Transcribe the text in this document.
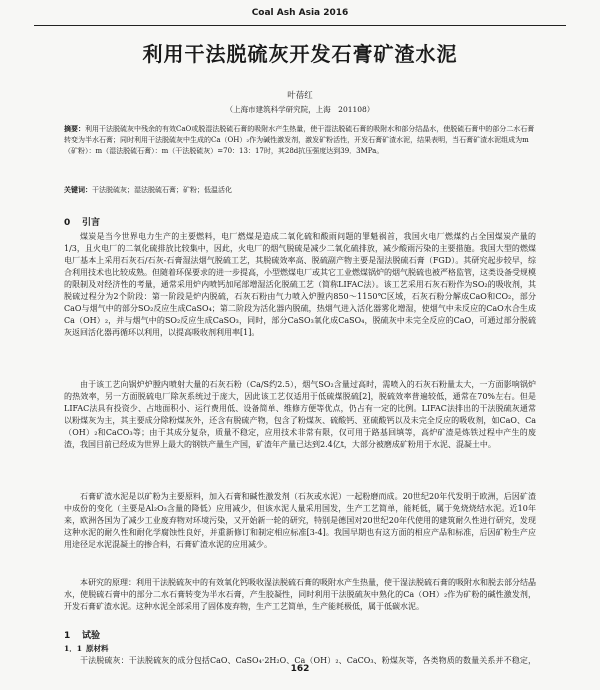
Coal Ash Asia 2016
利用干法脱硫灰开发石膏矿渣水泥
叶蓓红
（上海市建筑科学研究院，上海　201108）
摘要：利用干法脱硫灰中残余的有效CaO或脱湿法脱硫石膏的吸附水产生热量，使干湿法脱硫石膏的吸附水和部分结晶水，使脱硫石膏中的部分二水石膏转变为半水石膏；同时利用干法脱硫灰中生成的Ca（OH）₂作为碱性激发剂，激发矿粉活性，开发石膏矿渣水泥，结果表明，当石膏矿渣水泥组成为m（矿粉）：m（湿法脱硫石膏）：m（干法脱硫灰）=70：13：17时，其28d抗压强度达到39．3MPa。
关键词：干法脱硫灰；湿法脱硫石膏；矿粉；低温活化
0 引言

煤炭是当今世界电力生产的主要燃料，电厂燃煤是造成二氧化硫和酸雨问题的罪魁祸首，我国火电厂燃煤约占全国煤炭产量的1/3，且火电厂的二氧化硫排放比较集中，因此，火电厂的烟气脱硫是减少二氧化硫排放，减少酸雨污染的主要措施。我国大型的燃煤电厂基本上采用石灰石/石灰-石膏湿法烟气脱硫工艺，其脱硫效率高、脱硫副产物主要是湿法脱硫石膏（FGD）。其研究起步较早，综合利用技术也比较成熟。但随着环保要求的进一步提高，小型燃煤电厂或其它工业燃煤锅炉的烟气脱硫也被严格监管，这类设备受规模的限制及对经济性的考量，通常采用炉内喷钙加尾部增湿活化脱硫工艺（简称LIFAC法）。该工艺采用石灰石粉作为SO₂的吸收剂，其脱硫过程分为2个阶段：第一阶段是炉内脱硫，石灰石粉由气力喷入炉膛内850～1150℃区域，石灰石粉分解成CaO和CO₂，部分CaO与烟气中的部分SO₂反应生成CaSO₄；第二阶段为活化器内脱硫，热烟气进入活化器雾化增湿，使烟气中未反应的CaO水合生成Ca（OH）₂，并与烟气中的SO₂反应生成CaSO₃，同时，部分CaSO₃氧化成CaSO₄，脱硫灰中未完全反应的CaO，可通过部分脱硫灰返回活化器再循环以利用，以提高吸收剂利用率[1]。

由于该工艺向锅炉炉膛内喷射大量的石灰石粉（Ca/S约2.5），烟气SO₂含量过高时，需喷入的石灰石粉量太大，一方面影响锅炉的热效率，另一方面脱硫电厂除灰系统过于庞大，因此该工艺仅适用于低硫煤脱硫[2]，脱硫效率普遍较低，通常在70%左右。但是LIFAC法具有投资少、占地面积小、运行费用低、设备简单、维修方便等优点，仍占有一定的比例。LIFAC法排出的干法脱硫灰通常以粉煤灰为主，其主要成分除粉煤灰外，还含有脱硫产物，包含了粉煤灰、硫酸钙、亚硫酸钙以及未完全反应的吸收剂，如CaO、Ca（OH）₂和CaCO₃等；由于其成分复杂，质量不稳定，应用技术非常有限，仅可用于路基回填等，高炉矿渣是炼铁过程中产生的废渣，我国目前已经成为世界上最大的钢铁产量生产国，矿渣年产量已达到2.4亿t，大部分被磨成矿粉用于水泥、混凝土中。

石膏矿渣水泥是以矿粉为主要原料，加入石膏和碱性激发剂（石灰或水泥）一起粉磨而成。20世纪20年代发明于欧洲，后因矿渣中成份的变化（主要是Al₂O₃含量的降低）应用减少，但该水泥人量采用国发，生产工艺简单，能耗低，属于免烧烧结水泥。近10年来，欧洲各国为了减少工业废弃物对环境污染，又开始新一轮的研究，特别是德国对20世纪20年代使用的建筑耐久性进行研究，发现这种水泥的耐久性和耐化学腐蚀性良好，并重新修订和制定相应标准[3-4]。我国早期也有这方面的相应产品和标准，后因矿粉生产应用途径足水泥混凝土的掺合料，石膏矿渣水泥的应用减少。

本研究的原理：利用干法脱硫灰中的有效氧化钙吸收湿法脱硫石膏的吸附水产生热量，使干湿法脱硫石膏的吸附水和脱去部分结晶水，使脱硫石膏中的部分二水石膏转变为半水石膏，产生胶凝性，同时利用干法脱硫灰中熟化的Ca（OH）₂作为矿粉的碱性激发剂，开发石膏矿渣水泥。这种水泥全部采用了固体废弃物，生产工艺简单，生产能耗极低，属于低碳水泥。

1 试验
1．1 原材料

干法脱硫灰：干法脱硫灰的成分包括CaO、CaSO₄·2H₂O、Ca（OH）₂、CaCO₃、粉煤灰等，各类物质的数量关系并不稳定，

162
